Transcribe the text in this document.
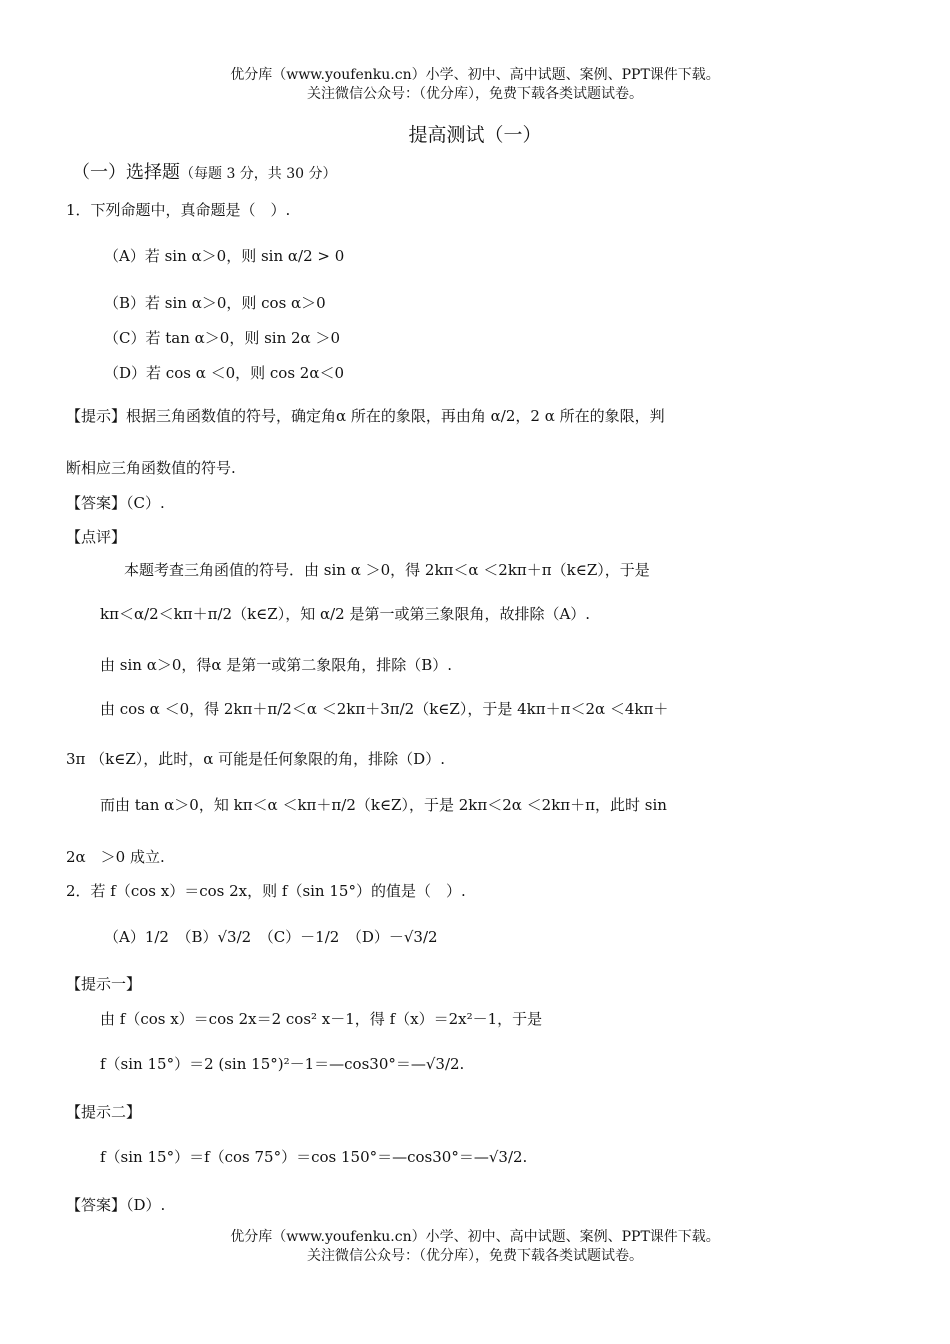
优分库（www.youfenku.cn）小学、初中、高中试题、案例、PPT课件下载。
关注微信公众号：（优分库），免费下载各类试题试卷。
提高测试（一）
（一）选择题（每题 3 分，共 30 分）
1．下列命题中，真命题是（　）.
（A）若 sin α＞0，则 sin α/2 > 0
（B）若 sin α＞0，则 cos α＞0
（C）若 tan α＞0，则 sin 2α ＞0
（D）若 cos α ＜0，则 cos 2α＜0
【提示】根据三角函数值的符号，确定角α 所在的象限，再由角 α/2，2 α 所在的象限，判
断相应三角函数值的符号.
【答案】（C）.
【点评】
本题考查三角函值的符号．由 sin α ＞0，得 2kπ＜α ＜2kπ＋π（k∈Z），于是
kπ＜α/2＜kπ＋π/2（k∈Z），知 α/2 是第一或第三象限角，故排除（A）.
由 sin α＞0，得α 是第一或第二象限角，排除（B）.
由 cos α ＜0，得 2kπ＋π/2＜α ＜2kπ＋3π/2（k∈Z），于是 4kπ＋π＜2α ＜4kπ＋
3π （k∈Z），此时，α 可能是任何象限的角，排除（D）.
而由 tan α＞0，知 kπ＜α ＜kπ＋π/2（k∈Z），于是 2kπ＜2α ＜2kπ＋π，此时 sin
2α　＞0 成立.
2．若 f（cos x）＝cos 2x，则 f（sin 15°）的值是（　）.
（A）1/2　（B）√3/2　（C）－1/2　（D）－√3/2
【提示一】
由 f（cos x）＝cos 2x＝2 cos² x－1，得 f（x）＝2x²－1，于是
f（sin 15°）＝2 (sin 15°)²－1＝—cos30°＝—√3/2.
【提示二】
f（sin 15°）＝f（cos 75°）＝cos 150°＝—cos30°＝—√3/2.
【答案】（D）.
优分库（www.youfenku.cn）小学、初中、高中试题、案例、PPT课件下载。
关注微信公众号：（优分库），免费下载各类试题试卷。
